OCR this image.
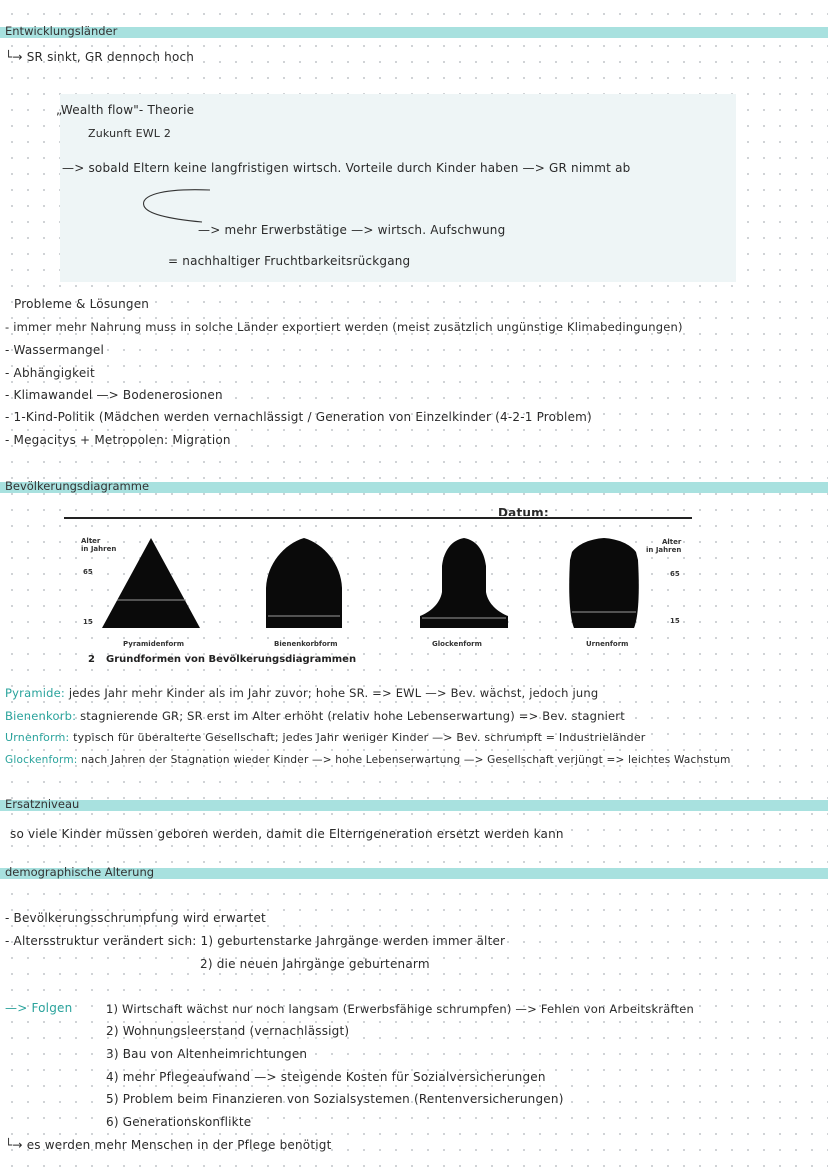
Entwicklungsländer
└→ SR sinkt, GR dennoch hoch
„Wealth flow"- Theorie
Zukunft EWL 2
—> sobald Eltern keine langfristigen wirtsch. Vorteile durch Kinder haben —> GR nimmt ab
—> mehr Erwerbstätige —> wirtsch. Aufschwung
= nachhaltiger Fruchtbarkeitsrückgang
Probleme & Lösungen
- immer mehr Nahrung muss in solche Länder exportiert werden (meist zusätzlich ungünstige Klimabedingungen)
- Wassermangel
- Abhängigkeit
- Klimawandel —> Bodenerosionen
- 1-Kind-Politik (Mädchen werden vernachlässigt / Generation von Einzelkinder (4-2-1 Problem)
- Megacitys + Metropolen: Migration
Bevölkerungsdiagramme
Datum:
Alter
in Jahren
Alter
in Jahren
65
15
65
15
Pyramidenform	Bienenkorbform	Glockenform	Urnenform
2 Grundformen von Bevölkerungsdiagrammen
Pyramide: jedes Jahr mehr Kinder als im Jahr zuvor; hohe SR. => EWL —> Bev. wächst, jedoch jung
Bienenkorb: stagnierende GR; SR erst im Alter erhöht (relativ hohe Lebenserwartung) => Bev. stagniert
Urnenform: typisch für überalterte Gesellschaft; jedes Jahr weniger Kinder —> Bev. schrumpft = Industrieländer
Glockenform: nach Jahren der Stagnation wieder Kinder —> hohe Lebenserwartung —> Gesellschaft verjüngt => leichtes Wachstum
Ersatzniveau
so viele Kinder müssen geboren werden, damit die Elterngeneration ersetzt werden kann
demographische Alterung
- Bevölkerungsschrumpfung wird erwartet
- Altersstruktur verändert sich: 1) geburtenstarke Jahrgänge werden immer älter
2) die neuen Jahrgänge geburtenarm
—> Folgen	1) Wirtschaft wächst nur noch langsam (Erwerbsfähige schrumpfen) —> Fehlen von Arbeitskräften
2) Wohnungsleerstand (vernachlässigt)
3) Bau von Altenheimrichtungen
4) mehr Pflegeaufwand —> steigende Kosten für Sozialversicherungen
5) Problem beim Finanzieren von Sozialsystemen (Rentenversicherungen)
6) Generationskonflikte
└→ es werden mehr Menschen in der Pflege benötigt
